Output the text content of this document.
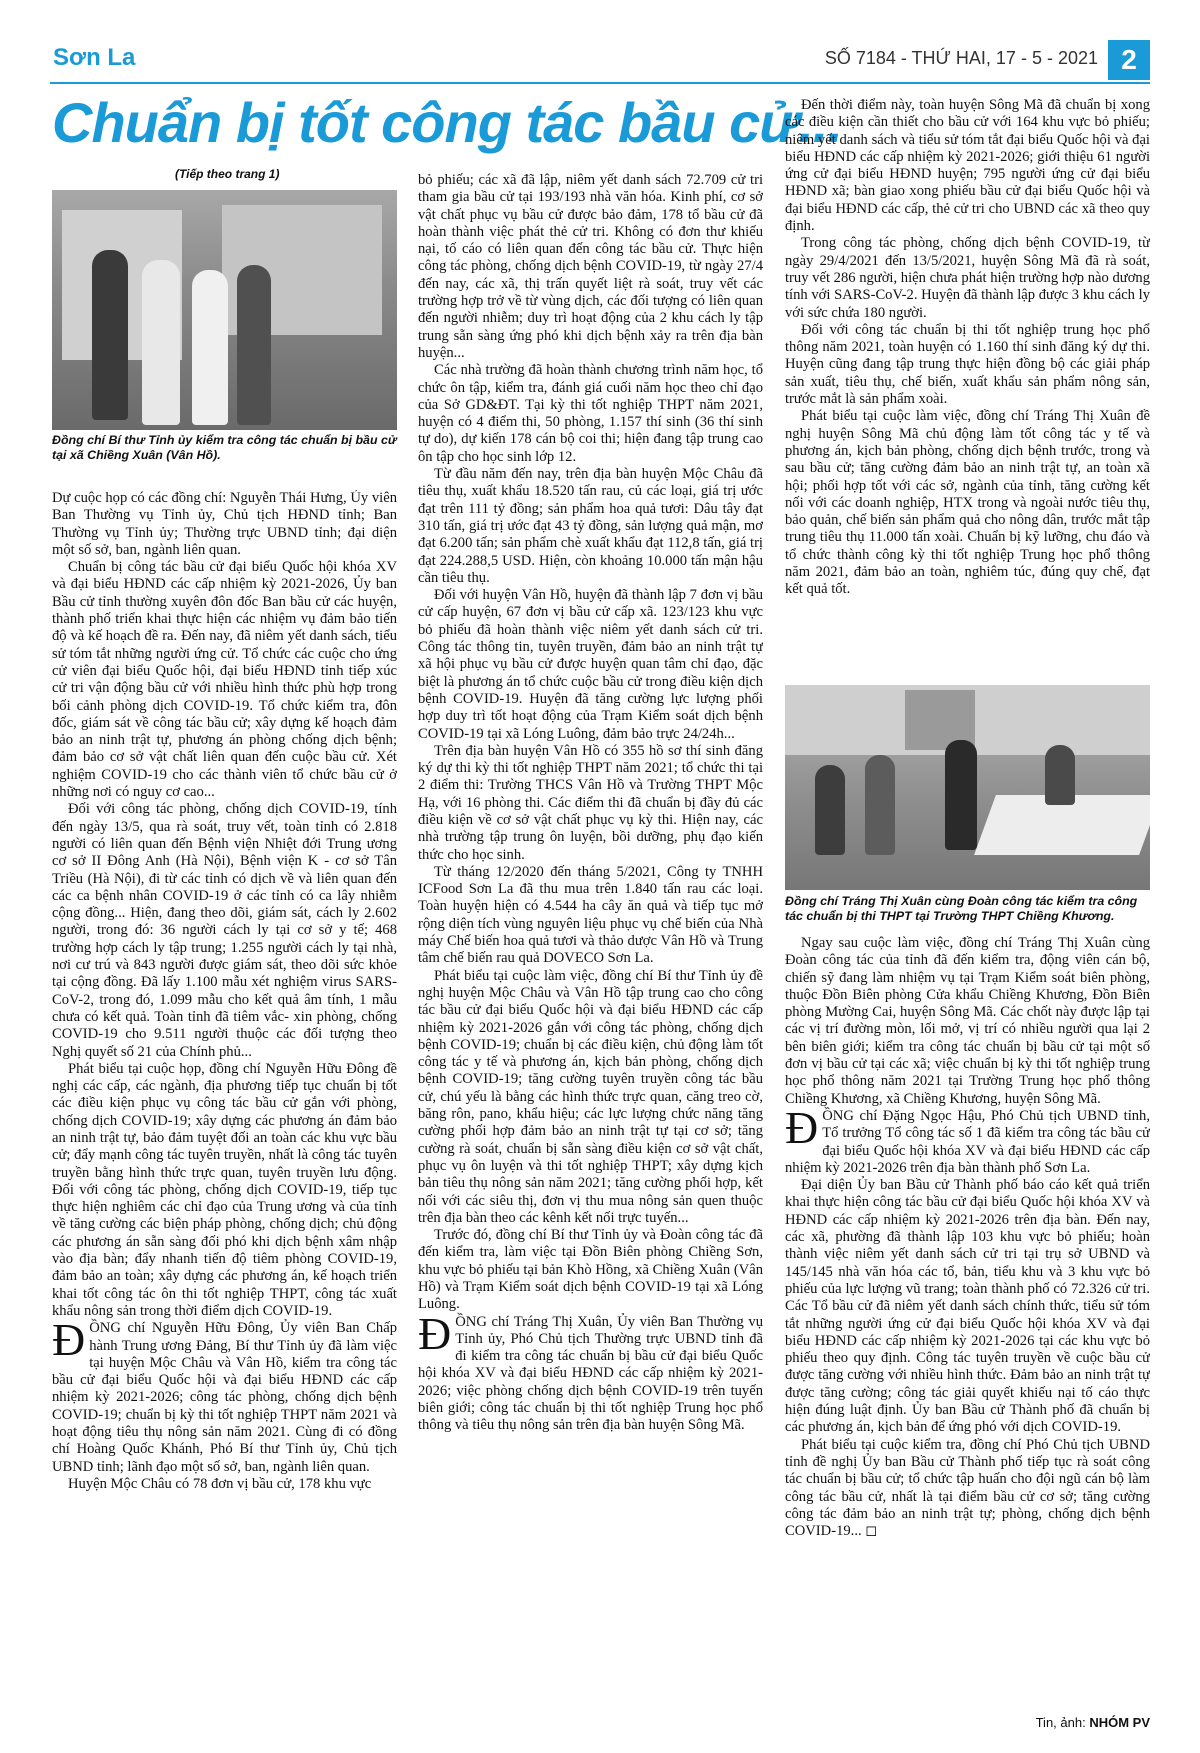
Sơn La	SỐ 7184 - THỨ HAI, 17 - 5 - 2021 2
Chuẩn bị tốt công tác bầu cử...
(Tiếp theo trang 1)
Đồng chí Bí thư Tỉnh ủy kiểm tra công tác chuẩn bị bầu cử tại xã Chiềng Xuân (Vân Hồ).

Dự cuộc họp có các đồng chí: Nguyễn Thái Hưng, Ủy viên Ban Thường vụ Tỉnh ủy, Chủ tịch HĐND tỉnh; Ban Thường vụ Tỉnh ủy; Thường trực UBND tỉnh; đại diện một số sở, ban, ngành liên quan.

Chuẩn bị công tác bầu cử đại biểu Quốc hội khóa XV và đại biểu HĐND các cấp nhiệm kỳ 2021-2026, Ủy ban Bầu cử tỉnh thường xuyên đôn đốc Ban bầu cử các huyện, thành phố triển khai thực hiện các nhiệm vụ đảm bảo tiến độ và kế hoạch đề ra. Đến nay, đã niêm yết danh sách, tiểu sử tóm tắt những người ứng cử. Tổ chức các cuộc cho ứng cử viên đại biểu Quốc hội, đại biểu HĐND tỉnh tiếp xúc cử tri vận động bầu cử với nhiều hình thức phù hợp trong bối cảnh phòng dịch COVID-19. Tổ chức kiểm tra, đôn đốc, giám sát về công tác bầu cử; xây dựng kế hoạch đảm bảo an ninh trật tự, phương án phòng chống dịch bệnh; đảm bảo cơ sở vật chất liên quan đến cuộc bầu cử. Xét nghiệm COVID-19 cho các thành viên tổ chức bầu cử ở những nơi có nguy cơ cao...

Đối với công tác phòng, chống dịch COVID-19, tính đến ngày 13/5, qua rà soát, truy vết, toàn tỉnh có 2.818 người có liên quan đến Bệnh viện Nhiệt đới Trung ương cơ sở II Đông Anh (Hà Nội), Bệnh viện K - cơ sở Tân Triều (Hà Nội), đi từ các tỉnh có dịch về và liên quan đến các ca bệnh nhân COVID-19 ở các tỉnh có ca lây nhiễm cộng đồng... Hiện, đang theo dõi, giám sát, cách ly 2.602 người, trong đó: 36 người cách ly tại cơ sở y tế; 468 trường hợp cách ly tập trung; 1.255 người cách ly tại nhà, nơi cư trú và 843 người được giám sát, theo dõi sức khỏe tại cộng đồng. Đã lấy 1.100 mẫu xét nghiệm virus SARS-CoV-2, trong đó, 1.099 mẫu cho kết quả âm tính, 1 mẫu chưa có kết quả. Toàn tỉnh đã tiêm vắc- xin phòng, chống COVID-19 cho 9.511 người thuộc các đối tượng theo Nghị quyết số 21 của Chính phủ...

Phát biểu tại cuộc họp, đồng chí Nguyễn Hữu Đông đề nghị các cấp, các ngành, địa phương tiếp tục chuẩn bị tốt các điều kiện phục vụ công tác bầu cử gắn với phòng, chống dịch COVID-19; xây dựng các phương án đảm bảo an ninh trật tự, bảo đảm tuyệt đối an toàn các khu vực bầu cử; đẩy mạnh công tác tuyên truyền, nhất là công tác tuyên truyền bằng hình thức trực quan, tuyên truyền lưu động. Đối với công tác phòng, chống dịch COVID-19, tiếp tục thực hiện nghiêm các chỉ đạo của Trung ương và của tỉnh về tăng cường các biện pháp phòng, chống dịch; chủ động các phương án sẵn sàng đối phó khi dịch bệnh xâm nhập vào địa bàn; đẩy nhanh tiến độ tiêm phòng COVID-19, đảm bảo an toàn; xây dựng các phương án, kế hoạch triển khai tốt công tác ôn thi tốt nghiệp THPT, công tác xuất khẩu nông sản trong thời điểm dịch COVID-19.

ĐỒNG chí Nguyễn Hữu Đông, Ủy viên Ban Chấp hành Trung ương Đảng, Bí thư Tỉnh ủy đã làm việc tại huyện Mộc Châu và Vân Hồ, kiểm tra công tác bầu cử đại biểu Quốc hội và đại biểu HĐND các cấp nhiệm kỳ 2021-2026; công tác phòng, chống dịch bệnh COVID-19; chuẩn bị kỳ thi tốt nghiệp THPT năm 2021 và hoạt động tiêu thụ nông sản năm 2021. Cùng đi có đồng chí Hoàng Quốc Khánh, Phó Bí thư Tỉnh ủy, Chủ tịch UBND tỉnh; lãnh đạo một số sở, ban, ngành liên quan.

Huyện Mộc Châu có 78 đơn vị bầu cử, 178 khu vực

bỏ phiếu; các xã đã lập, niêm yết danh sách 72.709 cử tri tham gia bầu cử tại 193/193 nhà văn hóa. Kinh phí, cơ sở vật chất phục vụ bầu cử được bảo đảm, 178 tổ bầu cử đã hoàn thành việc phát thẻ cử tri. Không có đơn thư khiếu nại, tố cáo có liên quan đến công tác bầu cử. Thực hiện công tác phòng, chống dịch bệnh COVID-19, từ ngày 27/4 đến nay, các xã, thị trấn quyết liệt rà soát, truy vết các trường hợp trở về từ vùng dịch, các đối tượng có liên quan đến người nhiễm; duy trì hoạt động của 2 khu cách ly tập trung sẵn sàng ứng phó khi dịch bệnh xảy ra trên địa bàn huyện...

Các nhà trường đã hoàn thành chương trình năm học, tổ chức ôn tập, kiểm tra, đánh giá cuối năm học theo chỉ đạo của Sở GD&ĐT. Tại kỳ thi tốt nghiệp THPT năm 2021, huyện có 4 điểm thi, 50 phòng, 1.157 thí sinh (36 thí sinh tự do), dự kiến 178 cán bộ coi thi; hiện đang tập trung cao ôn tập cho học sinh lớp 12.

Từ đầu năm đến nay, trên địa bàn huyện Mộc Châu đã tiêu thụ, xuất khẩu 18.520 tấn rau, củ các loại, giá trị ước đạt trên 111 tỷ đồng; sản phẩm hoa quả tươi: Dâu tây đạt 310 tấn, giá trị ước đạt 43 tỷ đồng, sản lượng quả mận, mơ đạt 6.200 tấn; sản phẩm chè xuất khẩu đạt 112,8 tấn, giá trị đạt 224.288,5 USD. Hiện, còn khoảng 10.000 tấn mận hậu cần tiêu thụ.

Đối với huyện Vân Hồ, huyện đã thành lập 7 đơn vị bầu cử cấp huyện, 67 đơn vị bầu cử cấp xã. 123/123 khu vực bỏ phiếu đã hoàn thành việc niêm yết danh sách cử tri. Công tác thông tin, tuyên truyền, đảm bảo an ninh trật tự xã hội phục vụ bầu cử được huyện quan tâm chỉ đạo, đặc biệt là phương án tổ chức cuộc bầu cử trong điều kiện dịch bệnh COVID-19. Huyện đã tăng cường lực lượng phối hợp duy trì tốt hoạt động của Trạm Kiểm soát dịch bệnh COVID-19 tại xã Lóng Luông, đảm bảo trực 24/24h...

Trên địa bàn huyện Vân Hồ có 355 hồ sơ thí sinh đăng ký dự thi kỳ thi tốt nghiệp THPT năm 2021; tổ chức thi tại 2 điểm thi: Trường THCS Vân Hồ và Trường THPT Mộc Hạ, với 16 phòng thi. Các điểm thi đã chuẩn bị đầy đủ các điều kiện về cơ sở vật chất phục vụ kỳ thi. Hiện nay, các nhà trường tập trung ôn luyện, bồi dưỡng, phụ đạo kiến thức cho học sinh.

Từ tháng 12/2020 đến tháng 5/2021, Công ty TNHH ICFood Sơn La đã thu mua trên 1.840 tấn rau các loại. Toàn huyện hiện có 4.544 ha cây ăn quả và tiếp tục mở rộng diện tích vùng nguyên liệu phục vụ chế biến của Nhà máy Chế biến hoa quả tươi và thảo dược Vân Hồ và Trung tâm chế biến rau quả DOVECO Sơn La.

Phát biểu tại cuộc làm việc, đồng chí Bí thư Tỉnh ủy đề nghị huyện Mộc Châu và Vân Hồ tập trung cao cho công tác bầu cử đại biểu Quốc hội và đại biểu HĐND các cấp nhiệm kỳ 2021-2026 gắn với công tác phòng, chống dịch bệnh COVID-19; chuẩn bị các điều kiện, chủ động làm tốt công tác y tế và phương án, kịch bản phòng, chống dịch bệnh COVID-19; tăng cường tuyên truyền công tác bầu cử, chú yếu là bằng các hình thức trực quan, căng treo cờ, băng rôn, pano, khẩu hiệu; các lực lượng chức năng tăng cường phối hợp đảm bảo an ninh trật tự tại cơ sở; tăng cường rà soát, chuẩn bị sẵn sàng điều kiện cơ sở vật chất, phục vụ ôn luyện và thi tốt nghiệp THPT; xây dựng kịch bản tiêu thụ nông sản năm 2021; tăng cường phối hợp, kết nối với các siêu thị, đơn vị thu mua nông sản quen thuộc trên địa bàn theo các kênh kết nối trực tuyến...

Trước đó, đồng chí Bí thư Tỉnh ủy và Đoàn công tác đã đến kiểm tra, làm việc tại Đồn Biên phòng Chiềng Sơn, khu vực bỏ phiếu tại bản Khò Hồng, xã Chiềng Xuân (Vân Hồ) và Trạm Kiểm soát dịch bệnh COVID-19 tại xã Lóng Luông.

ĐỒNG chí Tráng Thị Xuân, Ủy viên Ban Thường vụ Tỉnh ủy, Phó Chủ tịch Thường trực UBND tỉnh đã đi kiểm tra công tác chuẩn bị bầu cử đại biểu Quốc hội khóa XV và đại biểu HĐND các cấp nhiệm kỳ 2021-2026; việc phòng chống dịch bệnh COVID-19 trên tuyến biên giới; công tác chuẩn bị thi tốt nghiệp Trung học phổ thông và tiêu thụ nông sản trên địa bàn huyện Sông Mã.

Đến thời điểm này, toàn huyện Sông Mã đã chuẩn bị xong các điều kiện cần thiết cho bầu cử với 164 khu vực bỏ phiếu; niêm yết danh sách và tiểu sử tóm tắt đại biểu Quốc hội và đại biểu HĐND các cấp nhiệm kỳ 2021-2026; giới thiệu 61 người ứng cử đại biểu HĐND huyện; 795 người ứng cử đại biểu HĐND xã; bàn giao xong phiếu bầu cử đại biểu Quốc hội và đại biểu HĐND các cấp, thẻ cử tri cho UBND các xã theo quy định.

Trong công tác phòng, chống dịch bệnh COVID-19, từ ngày 29/4/2021 đến 13/5/2021, huyện Sông Mã đã rà soát, truy vết 286 người, hiện chưa phát hiện trường hợp nào dương tính với SARS-CoV-2. Huyện đã thành lập được 3 khu cách ly với sức chứa 180 người.

Đối với công tác chuẩn bị thi tốt nghiệp trung học phổ thông năm 2021, toàn huyện có 1.160 thí sinh đăng ký dự thi. Huyện cũng đang tập trung thực hiện đồng bộ các giải pháp sản xuất, tiêu thụ, chế biến, xuất khẩu sản phẩm nông sản, trước mắt là sản phẩm xoài.

Phát biểu tại cuộc làm việc, đồng chí Tráng Thị Xuân đề nghị huyện Sông Mã chủ động làm tốt công tác y tế và phương án, kịch bản phòng, chống dịch bệnh trước, trong và sau bầu cử; tăng cường đảm bảo an ninh trật tự, an toàn xã hội; phối hợp tốt với các sở, ngành của tỉnh, tăng cường kết nối với các doanh nghiệp, HTX trong và ngoài nước tiêu thụ, bảo quản, chế biến sản phẩm quả cho nông dân, trước mắt tập trung tiêu thụ 11.000 tấn xoài. Chuẩn bị kỹ lưỡng, chu đáo và tổ chức thành công kỳ thi tốt nghiệp Trung học phổ thông năm 2021, đảm bảo an toàn, nghiêm túc, đúng quy chế, đạt kết quả tốt.

Đồng chí Tráng Thị Xuân cùng Đoàn công tác kiểm tra công tác chuẩn bị thi THPT tại Trường THPT Chiềng Khương.

Ngay sau cuộc làm việc, đồng chí Tráng Thị Xuân cùng Đoàn công tác của tỉnh đã đến kiểm tra, động viên cán bộ, chiến sỹ đang làm nhiệm vụ tại Trạm Kiểm soát biên phòng, thuộc Đồn Biên phòng Cửa khẩu Chiềng Khương, Đồn Biên phòng Mường Cai, huyện Sông Mã. Các chốt này được lập tại các vị trí đường mòn, lối mở, vị trí có nhiều người qua lại 2 bên biên giới; kiểm tra công tác chuẩn bị bầu cử tại một số đơn vị bầu cử tại các xã; việc chuẩn bị kỳ thi tốt nghiệp trung học phổ thông năm 2021 tại Trường Trung học phổ thông Chiềng Khương, xã Chiềng Khương, huyện Sông Mã.

ĐỒNG chí Đặng Ngọc Hậu, Phó Chủ tịch UBND tỉnh, Tổ trưởng Tổ công tác số 1 đã kiểm tra công tác bầu cử đại biểu Quốc hội khóa XV và đại biểu HĐND các cấp nhiệm kỳ 2021-2026 trên địa bàn thành phố Sơn La.

Đại diện Ủy ban Bầu cử Thành phố báo cáo kết quả triển khai thực hiện công tác bầu cử đại biểu Quốc hội khóa XV và HĐND các cấp nhiệm kỳ 2021-2026 trên địa bàn. Đến nay, các xã, phường đã thành lập 103 khu vực bỏ phiếu; hoàn thành việc niêm yết danh sách cử tri tại trụ sở UBND và 145/145 nhà văn hóa các tổ, bản, tiểu khu và 3 khu vực bỏ phiếu của lực lượng vũ trang; toàn thành phố có 72.326 cử tri. Các Tổ bầu cử đã niêm yết danh sách chính thức, tiểu sử tóm tắt những người ứng cử đại biểu Quốc hội khóa XV và đại biểu HĐND các cấp nhiệm kỳ 2021-2026 tại các khu vực bỏ phiếu theo quy định. Công tác tuyên truyền về cuộc bầu cử được tăng cường với nhiều hình thức. Đảm bảo an ninh trật tự được tăng cường; công tác giải quyết khiếu nại tố cáo thực hiện đúng luật định. Ủy ban Bầu cử Thành phố đã chuẩn bị các phương án, kịch bản để ứng phó với dịch COVID-19.

Phát biểu tại cuộc kiểm tra, đồng chí Phó Chủ tịch UBND tỉnh đề nghị Ủy ban Bầu cử Thành phố tiếp tục rà soát công tác chuẩn bị bầu cử; tổ chức tập huấn cho đội ngũ cán bộ làm công tác bầu cử, nhất là tại điểm bầu cử cơ sở; tăng cường công tác đảm bảo an ninh trật tự; phòng, chống dịch bệnh COVID-19... ◻

Tin, ảnh: NHÓM PV
